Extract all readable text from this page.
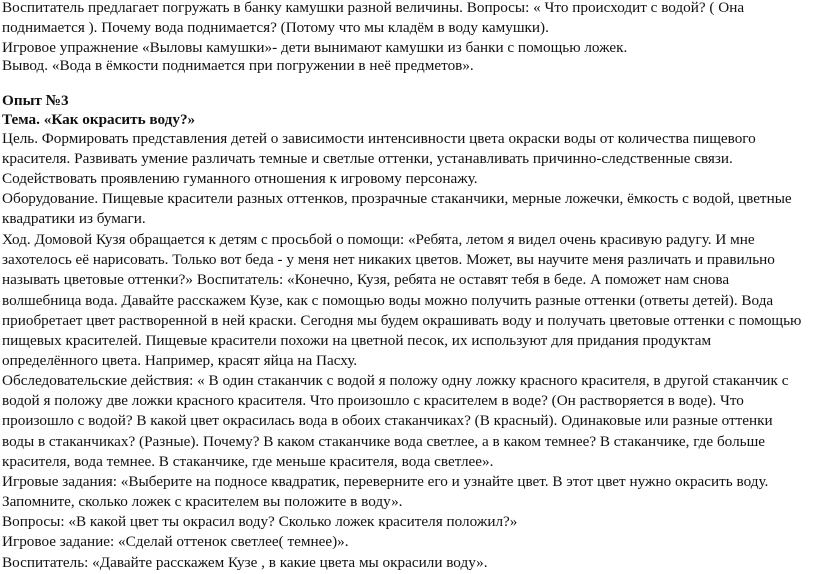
Воспитатель предлагает погружать в банку камушки разной величины. Вопросы: « Что происходит с водой? ( Она
поднимается ). Почему вода поднимается? (Потому что мы кладём в воду камушки).
Игровое упражнение «Выловы камушки»- дети вынимают камушки из банки с помощью ложек.
Вывод. «Вода в ёмкости поднимается при погружении в неё предметов».
Опыт №3
Тема. «Как окрасить воду?»
Цель. Формировать представления детей о зависимости интенсивности цвета окраски воды от количества пищевого
красителя. Развивать умение различать темные и светлые оттенки, устанавливать причинно-следственные связи.
Содействовать проявлению гуманного отношения к игровому персонажу.
Оборудование. Пищевые красители разных оттенков, прозрачные стаканчики, мерные ложечки, ёмкость с водой, цветные
квадратики из бумаги.
Ход. Домовой Кузя обращается к детям с просьбой о помощи: «Ребята, летом я видел очень красивую радугу. И мне
захотелось её нарисовать. Только вот беда - у меня нет никаких цветов. Может, вы научите меня различать и правильно
называть цветовые оттенки?» Воспитатель: «Конечно, Кузя, ребята не оставят тебя в беде. А поможет нам снова
волшебница вода. Давайте расскажем Кузе, как с помощью воды можно получить разные оттенки (ответы детей). Вода
приобретает цвет растворенной в ней краски. Сегодня мы будем окрашивать воду и получать цветовые оттенки с помощью
пищевых красителей. Пищевые красители похожи на цветной песок, их используют для придания продуктам
определённого цвета. Например, красят яйца на Пасху.
Обследовательские действия: « В один стаканчик с водой я положу одну ложку красного красителя, в другой стаканчик с
водой я положу две ложки красного красителя. Что произошло с красителем в воде? (Он растворяется в воде). Что
произошло с водой? В какой цвет окрасилась вода в обоих стаканчиках? (В красный). Одинаковые или разные оттенки
воды в стаканчиках? (Разные). Почему? В каком стаканчике вода светлее, а в каком темнее? В стаканчике, где больше
красителя, вода темнее. В стаканчике, где меньше красителя, вода светлее».
Игровые задания: «Выберите на подносе квадратик, переверните его и узнайте цвет. В этот цвет нужно окрасить воду.
Запомните, сколько ложек с красителем вы положите в воду».
Вопросы: «В какой цвет ты окрасил воду? Сколько ложек красителя положил?»
Игровое задание: «Сделай оттенок светлее( темнее)».
Воспитатель: «Давайте расскажем Кузе , в какие цвета мы окрасили воду».
